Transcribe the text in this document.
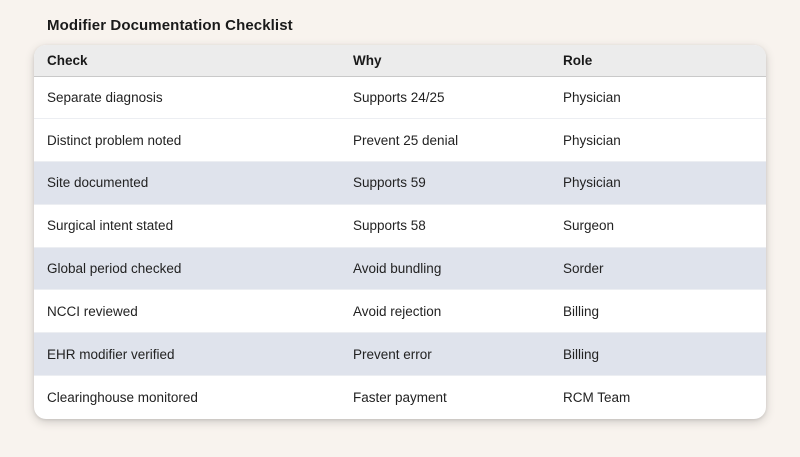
Modifier Documentation Checklist
Check	Why	Role
Separate diagnosis	Supports 24/25	Physician
Distinct problem noted	Prevent 25 denial	Physician
Site documented	Supports 59	Physician
Surgical intent stated	Supports 58	Surgeon
Global period checked	Avoid bundling	Sorder
NCCI reviewed	Avoid rejection	Billing
EHR modifier verified	Prevent error	Billing
Clearinghouse monitored	Faster payment	RCM Team
